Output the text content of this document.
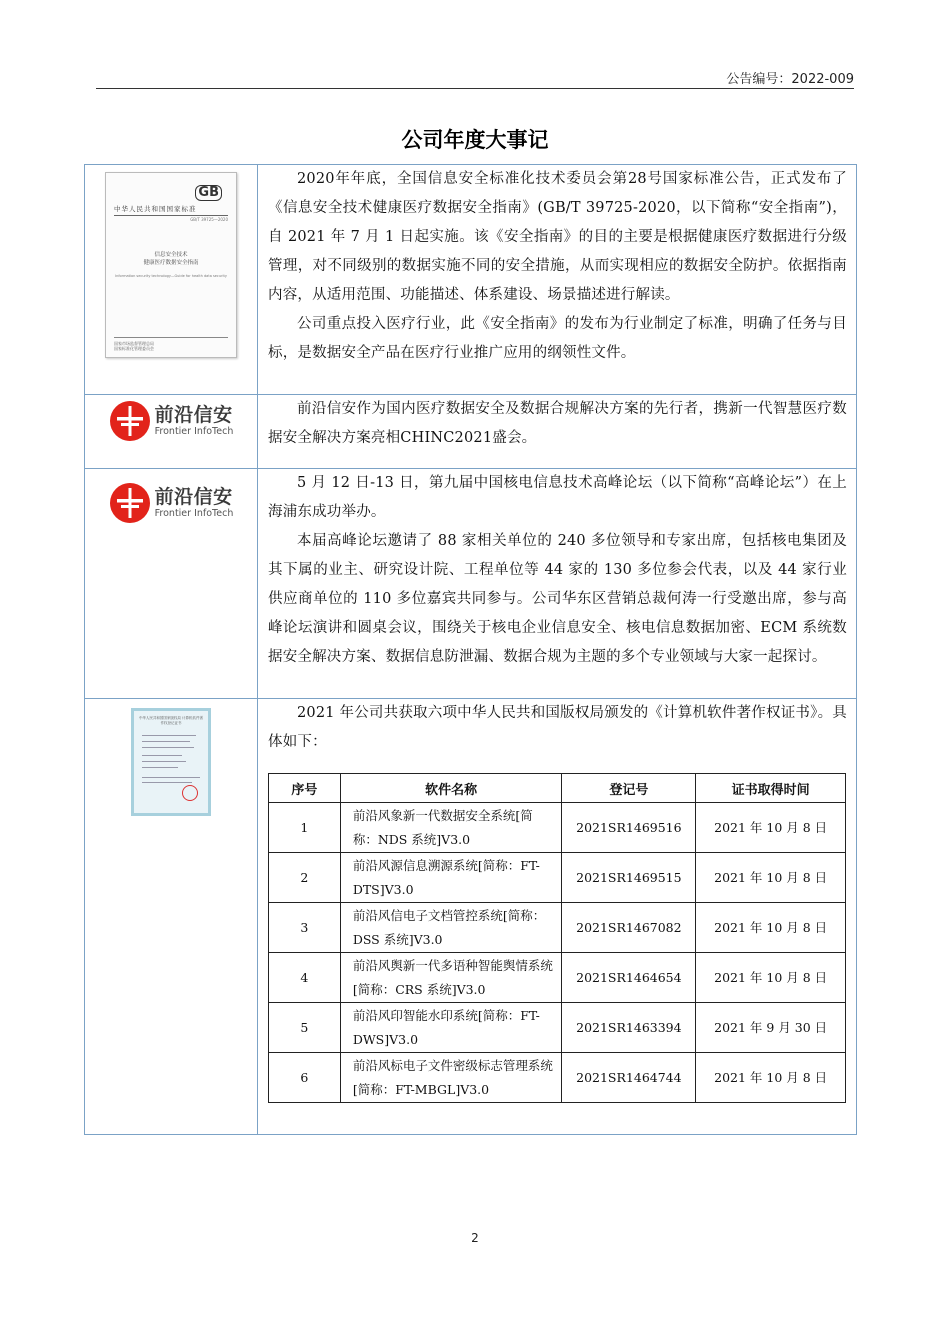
公告编号：2022-009
公司年度大事记
GB
中华人民共和国国家标准
GB/T 39725—2020
信息安全技术
健康医疗数据安全指南
Information security technology—Guide for health data security
国家市场监督管理总局
国家标准化管理委员会

2020年年底，全国信息安全标准化技术委员会第28号国家标准公告，正式发布了《信息安全技术健康医疗数据安全指南》(GB/T 39725-2020，以下简称“安全指南”)，自 2021 年 7 月 1 日起实施。该《安全指南》的目的主要是根据健康医疗数据进行分级管理，对不同级别的数据实施不同的安全措施，从而实现相应的数据安全防护。依据指南内容，从适用范围、功能描述、体系建设、场景描述进行解读。

公司重点投入医疗行业，此《安全指南》的发布为行业制定了标准，明确了任务与目标，是数据安全产品在医疗行业推广应用的纲领性文件。

前沿信安
Frontier InfoTech

前沿信安作为国内医疗数据安全及数据合规解决方案的先行者，携新一代智慧医疗数据安全解决方案亮相CHINC2021盛会。

前沿信安
Frontier InfoTech

5 月 12 日-13 日，第九届中国核电信息技术高峰论坛（以下简称“高峰论坛”）在上海浦东成功举办。

本届高峰论坛邀请了 88 家相关单位的 240 多位领导和专家出席，包括核电集团及其下属的业主、研究设计院、工程单位等 44 家的 130 多位参会代表，以及 44 家行业供应商单位的 110 多位嘉宾共同参与。公司华东区营销总裁何涛一行受邀出席，参与高峰论坛演讲和圆桌会议，围绕关于核电企业信息安全、核电信息数据加密、ECM 系统数据安全解决方案、数据信息防泄漏、数据合规为主题的多个专业领域与大家一起探讨。

中华人民共和国国家版权局 计算机软件著作权登记证书

2021 年公司共获取六项中华人民共和国版权局颁发的《计算机软件著作权证书》。具体如下：

序号	软件名称	登记号	证书取得时间
1	前沿风象新一代数据安全系统[简称：NDS 系统]V3.0	2021SR1469516	2021 年 10 月 8 日
2	前沿风源信息溯源系统[简称：FT-DTS]V3.0	2021SR1469515	2021 年 10 月 8 日
3	前沿风信电子文档管控系统[简称：DSS 系统]V3.0	2021SR1467082	2021 年 10 月 8 日
4	前沿风舆新一代多语种智能舆情系统[简称：CRS 系统]V3.0	2021SR1464654	2021 年 10 月 8 日
5	前沿风印智能水印系统[简称：FT-DWS]V3.0	2021SR1463394	2021 年 9 月 30 日
6	前沿风标电子文件密级标志管理系统[简称：FT-MBGL]V3.0	2021SR1464744	2021 年 10 月 8 日
2
